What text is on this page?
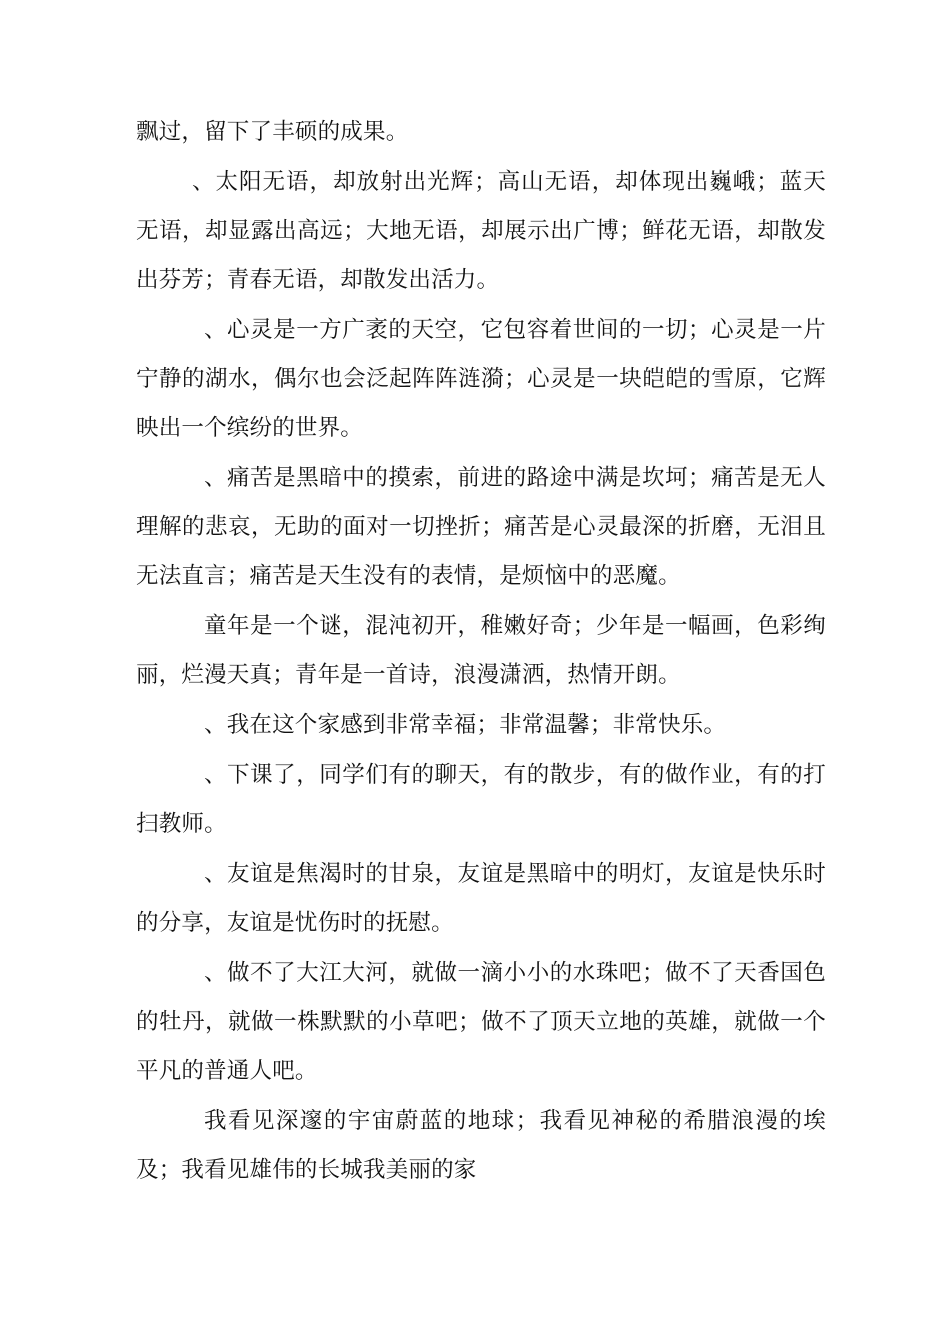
飘过，留下了丰硕的成果。

、太阳无语，却放射出光辉；高山无语，却体现出巍峨；蓝天无语，却显露出高远；大地无语，却展示出广博；鲜花无语，却散发出芬芳；青春无语，却散发出活力。

、心灵是一方广袤的天空，它包容着世间的一切；心灵是一片宁静的湖水，偶尔也会泛起阵阵涟漪；心灵是一块皑皑的雪原，它辉映出一个缤纷的世界。

、痛苦是黑暗中的摸索，前进的路途中满是坎坷；痛苦是无人理解的悲哀，无助的面对一切挫折；痛苦是心灵最深的折磨，无泪且无法直言；痛苦是天生没有的表情，是烦恼中的恶魔。

童年是一个谜，混沌初开，稚嫩好奇；少年是一幅画，色彩绚丽，烂漫天真；青年是一首诗，浪漫潇洒，热情开朗。

、我在这个家感到非常幸福；非常温馨；非常快乐。

、下课了，同学们有的聊天，有的散步，有的做作业，有的打扫教师。

、友谊是焦渴时的甘泉，友谊是黑暗中的明灯，友谊是快乐时的分享，友谊是忧伤时的抚慰。

、做不了大江大河，就做一滴小小的水珠吧；做不了天香国色的牡丹，就做一株默默的小草吧；做不了顶天立地的英雄，就做一个平凡的普通人吧。

我看见深邃的宇宙蔚蓝的地球；我看见神秘的希腊浪漫的埃及；我看见雄伟的长城我美丽的家
